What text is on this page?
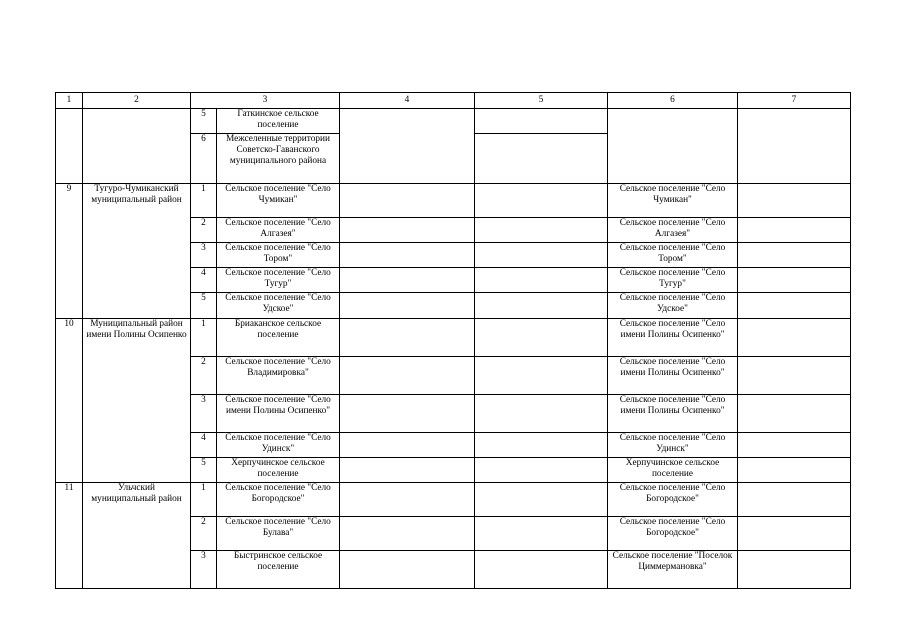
1	2	3		4	5	6	7
		5	Гаткинское сельское поселение				
		6	Межселенные территории Советско-Гаванского муниципального района				
9	Тугуро-Чумиканский муниципальный район	1	Сельское поселение "Село Чумикан"			Сельское поселение "Село Чумикан"	
		2	Сельское поселение "Село Алгазея"			Сельское поселение "Село Алгазея"	
		3	Сельское поселение "Село Тором"			Сельское поселение "Село Тором"	
		4	Сельское поселение "Село Тугур"			Сельское поселение "Село Тугур"	
		5	Сельское поселение "Село Удское"			Сельское поселение "Село Удское"	
10	Муниципальный район имени Полины Осипенко	1	Бриаканское сельское поселение			Сельское поселение "Село имени Полины Осипенко"	
		2	Сельское поселение "Село Владимировка"			Сельское поселение "Село имени Полины Осипенко"	
		3	Сельское поселение "Село имени Полины Осипенко"			Сельское поселение "Село имени Полины Осипенко"	
		4	Сельское поселение "Село Удинск"			Сельское поселение "Село Удинск"	
		5	Херпучинское сельское поселение			Херпучинское сельское поселение	
11	Ульчский муниципальный район	1	Сельское поселение "Село Богородское"			Сельское поселение "Село Богородское"	
		2	Сельское поселение "Село Булава"			Сельское поселение "Село Богородское"	
		3	Быстринское сельское поселение			Сельское поселение "Поселок Циммермановка"	
